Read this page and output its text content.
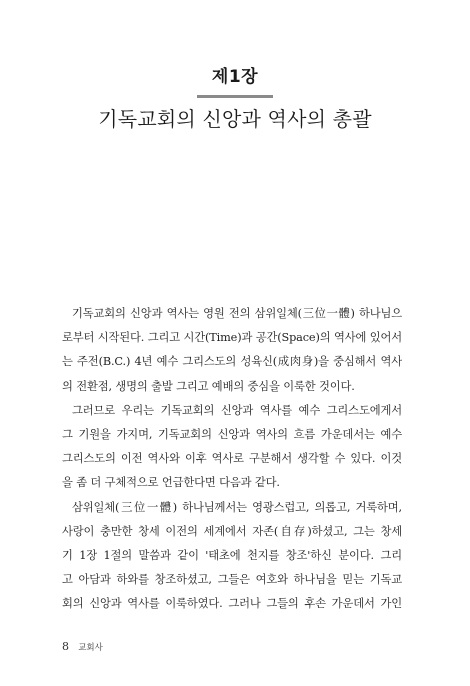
제1장
기독교회의 신앙과 역사의 총괄
기독교회의 신앙과 역사는 영원 전의 삼위일체(三位一體) 하나님으
로부터 시작된다. 그리고 시간(Time)과 공간(Space)의 역사에 있어서
는 주전(B.C.) 4년 예수 그리스도의 성육신(成肉身)을 중심해서 역사
의 전환점, 생명의 출발 그리고 예배의 중심을 이룩한 것이다.
그러므로 우리는 기독교회의 신앙과 역사를 예수 그리스도에게서
그 기원을 가지며, 기독교회의 신앙과 역사의 흐름 가운데서는 예수
그리스도의 이전 역사와 이후 역사로 구분해서 생각할 수 있다. 이것
을 좀 더 구체적으로 언급한다면 다음과 같다.
삼위일체(三位一體) 하나님께서는 영광스럽고, 의롭고, 거룩하며,
사랑이 충만한 창세 이전의 세계에서 자존(自存)하셨고, 그는 창세
기 1장 1절의 말씀과 같이 '태초에 천지를 창조'하신 분이다. 그리
고 아담과 하와를 창조하셨고, 그들은 여호와 하나님을 믿는 기독교
회의 신앙과 역사를 이룩하였다. 그러나 그들의 후손 가운데서 가인
8 교회사
